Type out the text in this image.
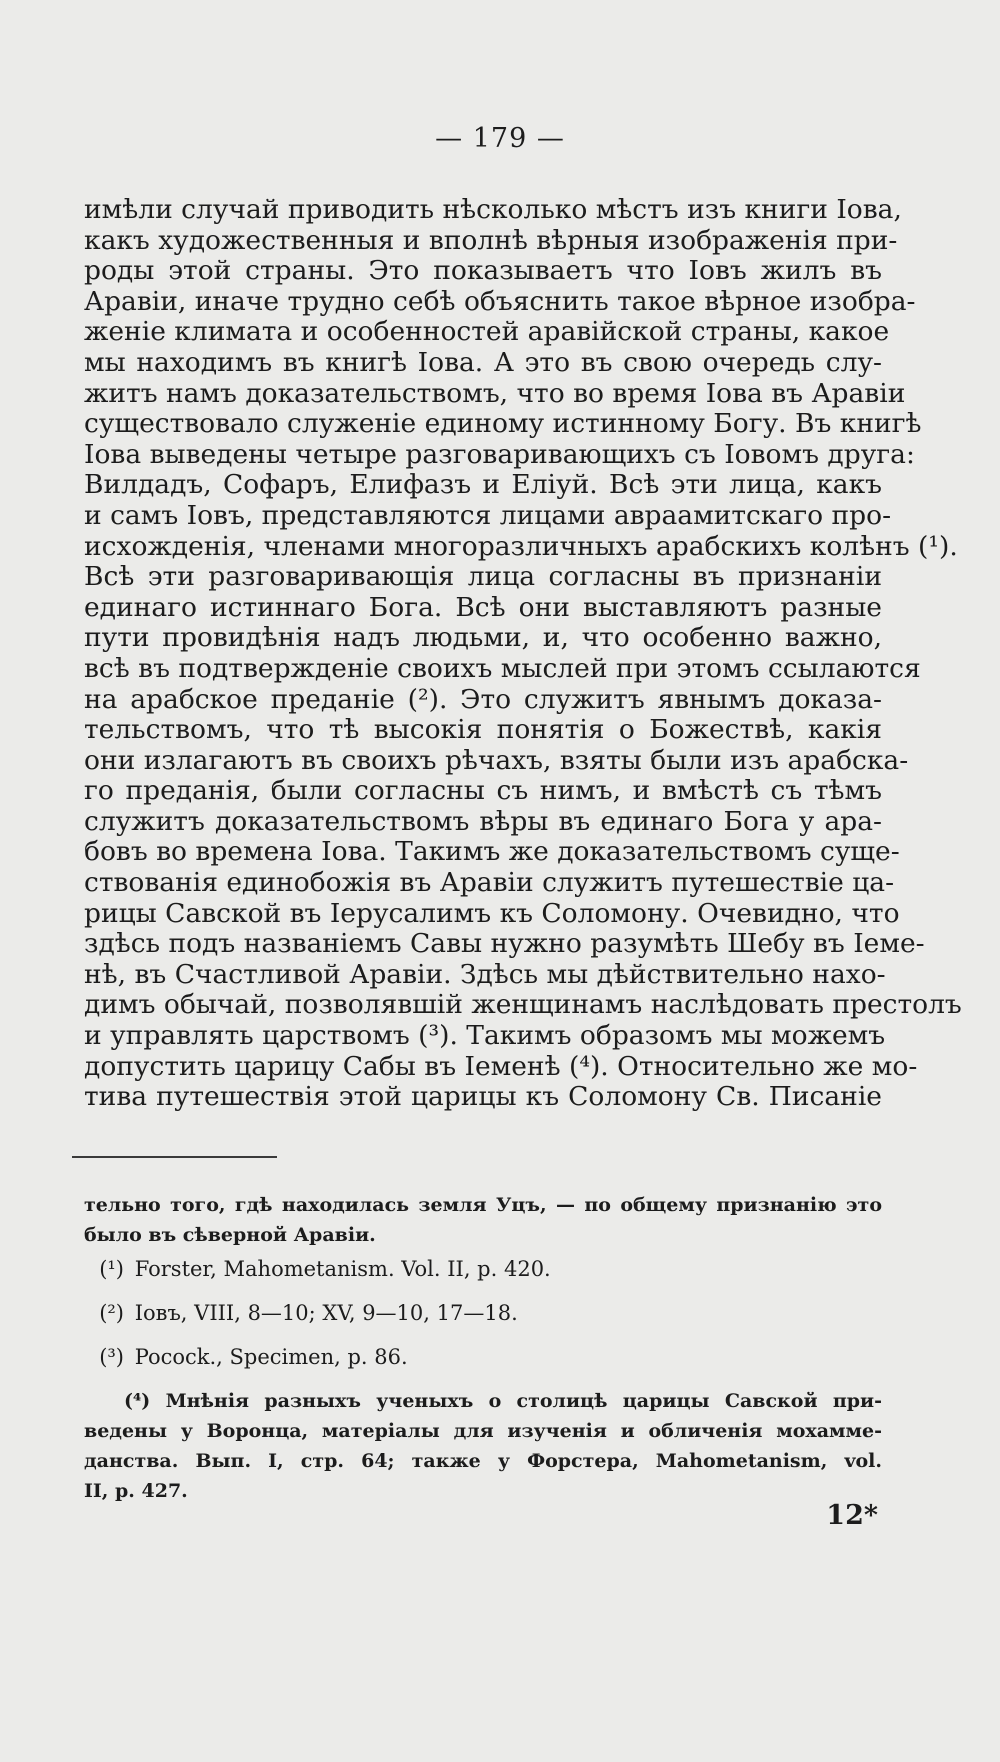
— 179 —
имѣли случай приводить нѣсколько мѣстъ изъ книги Іова,
какъ художественныя и вполнѣ вѣрныя изображенія при-
роды этой страны. Это показываетъ что Іовъ жилъ въ
Аравіи, иначе трудно себѣ объяснить такое вѣрное изобра-
женіе климата и особенностей аравійской страны, какое
мы находимъ въ книгѣ Іова. А это въ свою очередь слу-
житъ намъ доказательствомъ, что во время Іова въ Аравіи
существовало служеніе единому истинному Богу. Въ книгѣ
Іова выведены четыре разговаривающихъ съ Іовомъ друга:
Вилдадъ, Софаръ, Елифазъ и Еліуй. Всѣ эти лица, какъ
и самъ Іовъ, представляются лицами авраамитскаго про-
исхожденія, членами многоразличныхъ арабскихъ колѣнъ (¹).
Всѣ эти разговаривающія лица согласны въ признаніи
единаго истиннаго Бога. Всѣ они выставляютъ разные
пути провидѣнія надъ людьми, и, что особенно важно,
всѣ въ подтвержденіе своихъ мыслей при этомъ ссылаются
на арабское преданіе (²). Это служитъ явнымъ доказа-
тельствомъ, что тѣ высокія понятія о Божествѣ, какія
они излагаютъ въ своихъ рѣчахъ, взяты были изъ арабска-
го преданія, были согласны съ нимъ, и вмѣстѣ съ тѣмъ
служитъ доказательствомъ вѣры въ единаго Бога у ара-
бовъ во времена Іова. Такимъ же доказательствомъ суще-
ствованія единобожія въ Аравіи служитъ путешествіе ца-
рицы Савской въ Іерусалимъ къ Соломону. Очевидно, что
здѣсь подъ названіемъ Савы нужно разумѣть Шебу въ Іеме-
нѣ, въ Счастливой Аравіи. Здѣсь мы дѣйствительно нахо-
димъ обычай, позволявшій женщинамъ наслѣдовать престолъ
и управлять царствомъ (³). Такимъ образомъ мы можемъ
допустить царицу Сабы въ Іеменѣ (⁴). Относительно же мо-
тива путешествія этой царицы къ Соломону Св. Писаніе
тельно того, гдѣ находилась земля Уцъ, — по общему признанію это
было въ сѣверной Аравіи.
(¹) Forster, Mahometanism. Vol. II, p. 420.
(²) Іовъ, VIII, 8—10; XV, 9—10, 17—18.
(³) Pocock., Specimen, p. 86.
(⁴) Мнѣнія разныхъ ученыхъ о столицѣ царицы Савской при-
ведены у Воронца, матеріалы для изученія и обличенія мохамме-
данства. Вып. I, стр. 64; также у Форстера, Mahometanism, vol.
II, p. 427.
12*
